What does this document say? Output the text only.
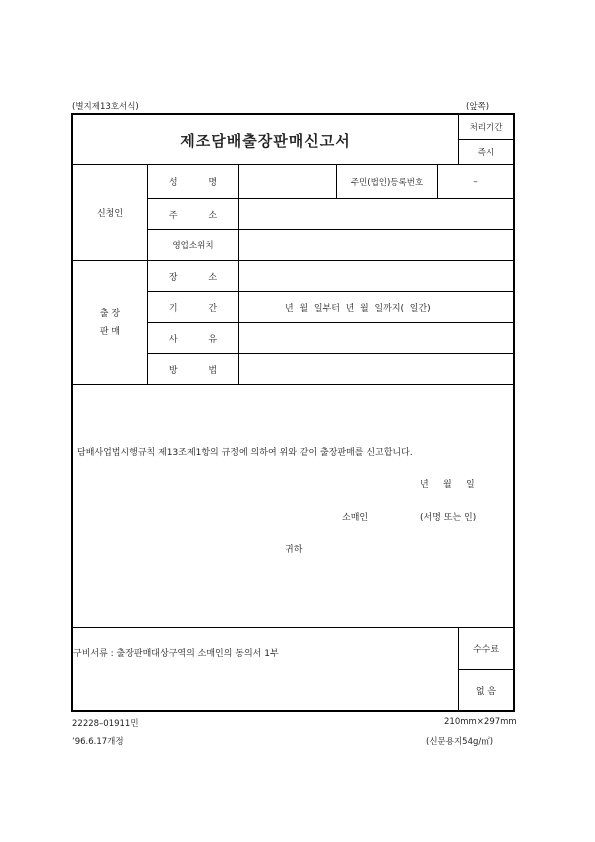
(별지제13호서식)	(앞쪽)
제조담배출장판매신고서
처리기간
즉시
신청인
성 명	주민(법인)등록번호	–
주 소
영업소위치
출 장
판 매
장 소
기 간	년  월  일부터  년  월  일까지(  일간)
사 유
방 법
담배사업법시행규칙 제13조제1항의 규정에 의하여 위와 같이 출장판매를 신고합니다.
년     월     일
소매인	(서명 또는 인)
귀하
구비서류 : 출장판매대상구역의 소매인의 동의서 1부	수수료
없 음
22228–01911민	210mm×297mm
’96.6.17개정	(신문용지54g/㎡)
